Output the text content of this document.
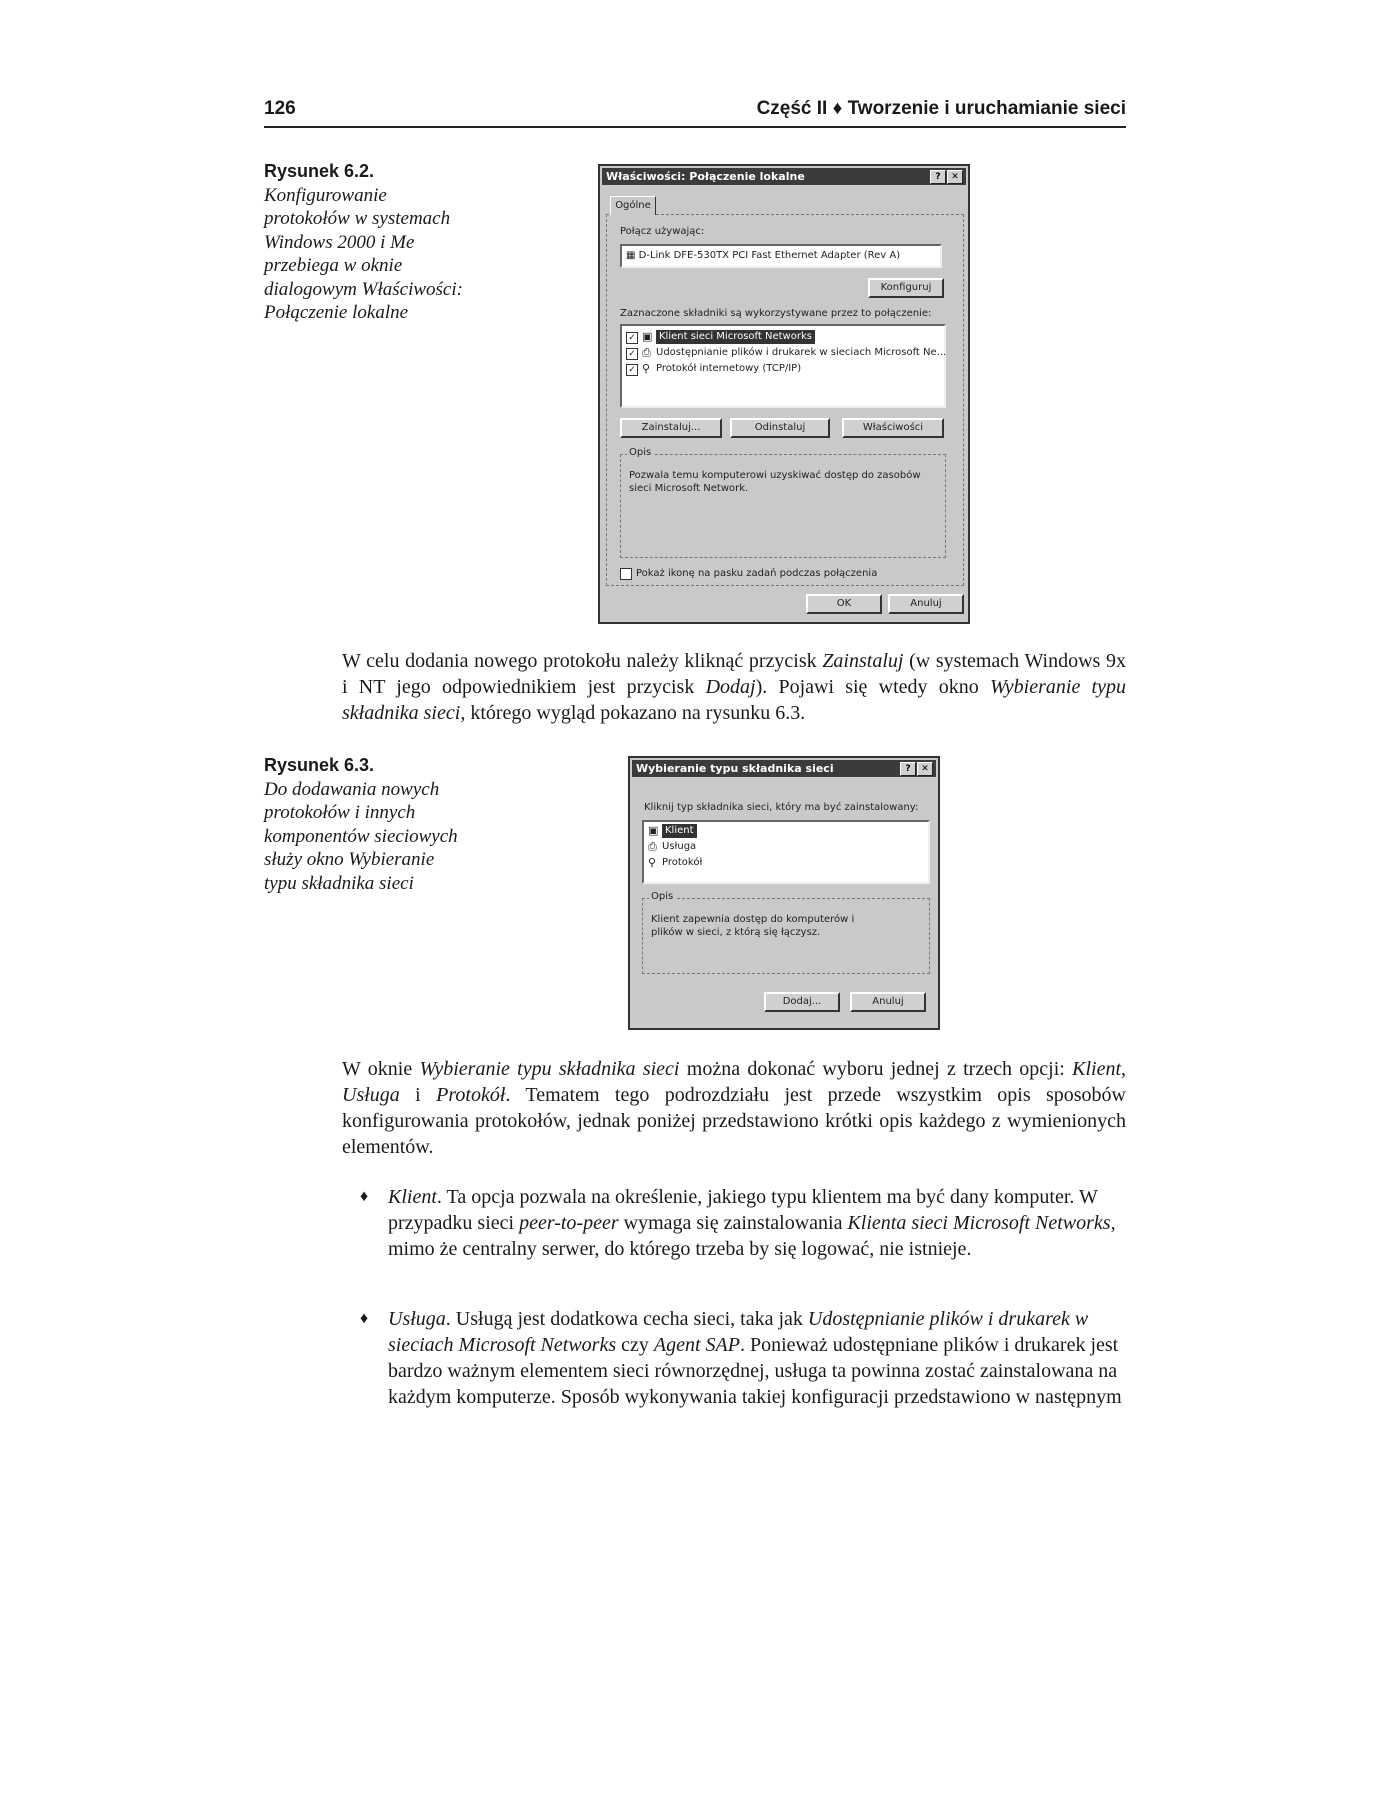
126	Część II ♦ Tworzenie i uruchamianie sieci
Rysunek 6.2.
Konfigurowanie protokołów w systemach Windows 2000 i Me przebiega w oknie dialogowym Właściwości: Połączenie lokalne
Właściwości: Połączenie lokalne	?	✕
Ogólne
Połącz używając:
▦ D-Link DFE-530TX PCI Fast Ethernet Adapter (Rev A)
Konfiguruj
Zaznaczone składniki są wykorzystywane przez to połączenie:
✓ ▣ Klient sieci Microsoft Networks
✓ ⎙ Udostępnianie plików i drukarek w sieciach Microsoft Ne...
✓ ⚲ Protokół internetowy (TCP/IP)
Zainstaluj...	Odinstaluj	Właściwości
Opis
Pozwala temu komputerowi uzyskiwać dostęp do zasobów sieci Microsoft Network.
Pokaż ikonę na pasku zadań podczas połączenia
OK	Anuluj
W celu dodania nowego protokołu należy kliknąć przycisk Zainstaluj (w systemach Windows 9x i NT jego odpowiednikiem jest przycisk Dodaj). Pojawi się wtedy okno Wybieranie typu składnika sieci, którego wygląd pokazano na rysunku 6.3.
Rysunek 6.3.
Do dodawania nowych protokołów i innych komponentów sieciowych służy okno Wybieranie typu składnika sieci
Wybieranie typu składnika sieci	?	✕
Kliknij typ składnika sieci, który ma być zainstalowany:
▣ Klient
⎙ Usługa
⚲ Protokół
Opis
Klient zapewnia dostęp do komputerów i plików w sieci, z którą się łączysz.
Dodaj...	Anuluj
W oknie Wybieranie typu składnika sieci można dokonać wyboru jednej z trzech opcji: Klient, Usługa i Protokół. Tematem tego podrozdziału jest przede wszystkim opis sposobów konfigurowania protokołów, jednak poniżej przedstawiono krótki opis każdego z wymienionych elementów.
♦ Klient. Ta opcja pozwala na określenie, jakiego typu klientem ma być dany komputer. W przypadku sieci peer-to-peer wymaga się zainstalowania Klienta sieci Microsoft Networks, mimo że centralny serwer, do którego trzeba by się logować, nie istnieje.
♦ Usługa. Usługą jest dodatkowa cecha sieci, taka jak Udostępnianie plików i drukarek w sieciach Microsoft Networks czy Agent SAP. Ponieważ udostępniane plików i drukarek jest bardzo ważnym elementem sieci równorzędnej, usługa ta powinna zostać zainstalowana na każdym komputerze. Sposób wykonywania takiej konfiguracji przedstawiono w następnym
